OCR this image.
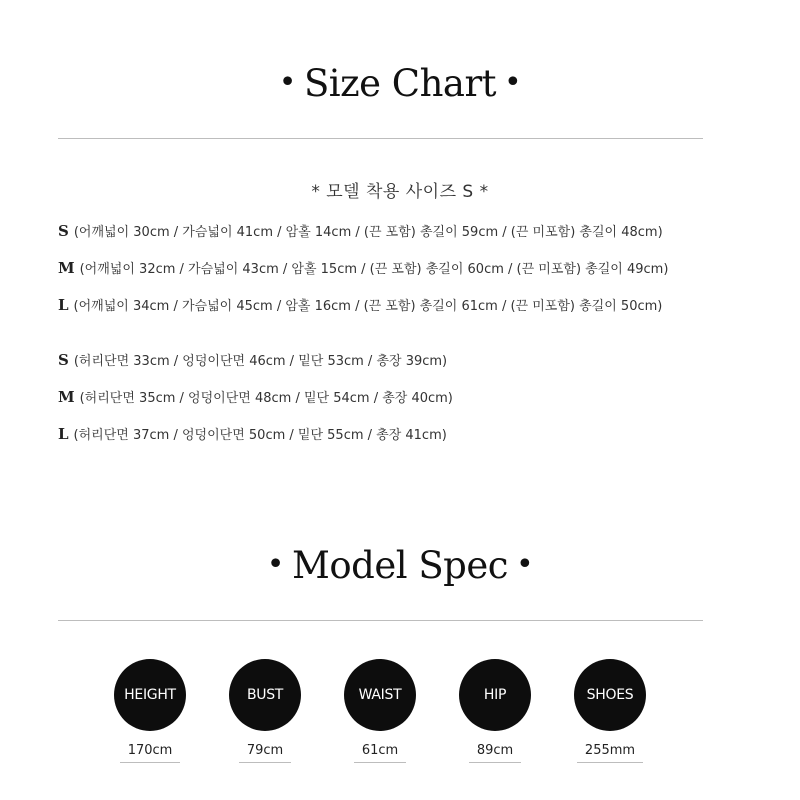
• Size Chart •
* 모델 착용 사이즈 S *
S (어깨넓이 30cm / 가슴넓이 41cm / 암홀 14cm / (끈 포함) 총길이 59cm / (끈 미포함) 총길이 48cm)
M (어깨넓이 32cm / 가슴넓이 43cm / 암홀 15cm / (끈 포함) 총길이 60cm / (끈 미포함) 총길이 49cm)
L (어깨넓이 34cm / 가슴넓이 45cm / 암홀 16cm / (끈 포함) 총길이 61cm / (끈 미포함) 총길이 50cm)
S (허리단면 33cm / 엉덩이단면 46cm / 밑단 53cm / 총장 39cm)
M (허리단면 35cm / 엉덩이단면 48cm / 밑단 54cm / 총장 40cm)
L (허리단면 37cm / 엉덩이단면 50cm / 밑단 55cm / 총장 41cm)
• Model Spec •
HEIGHT
170cm
BUST
79cm
WAIST
61cm
HIP
89cm
SHOES
255mm
